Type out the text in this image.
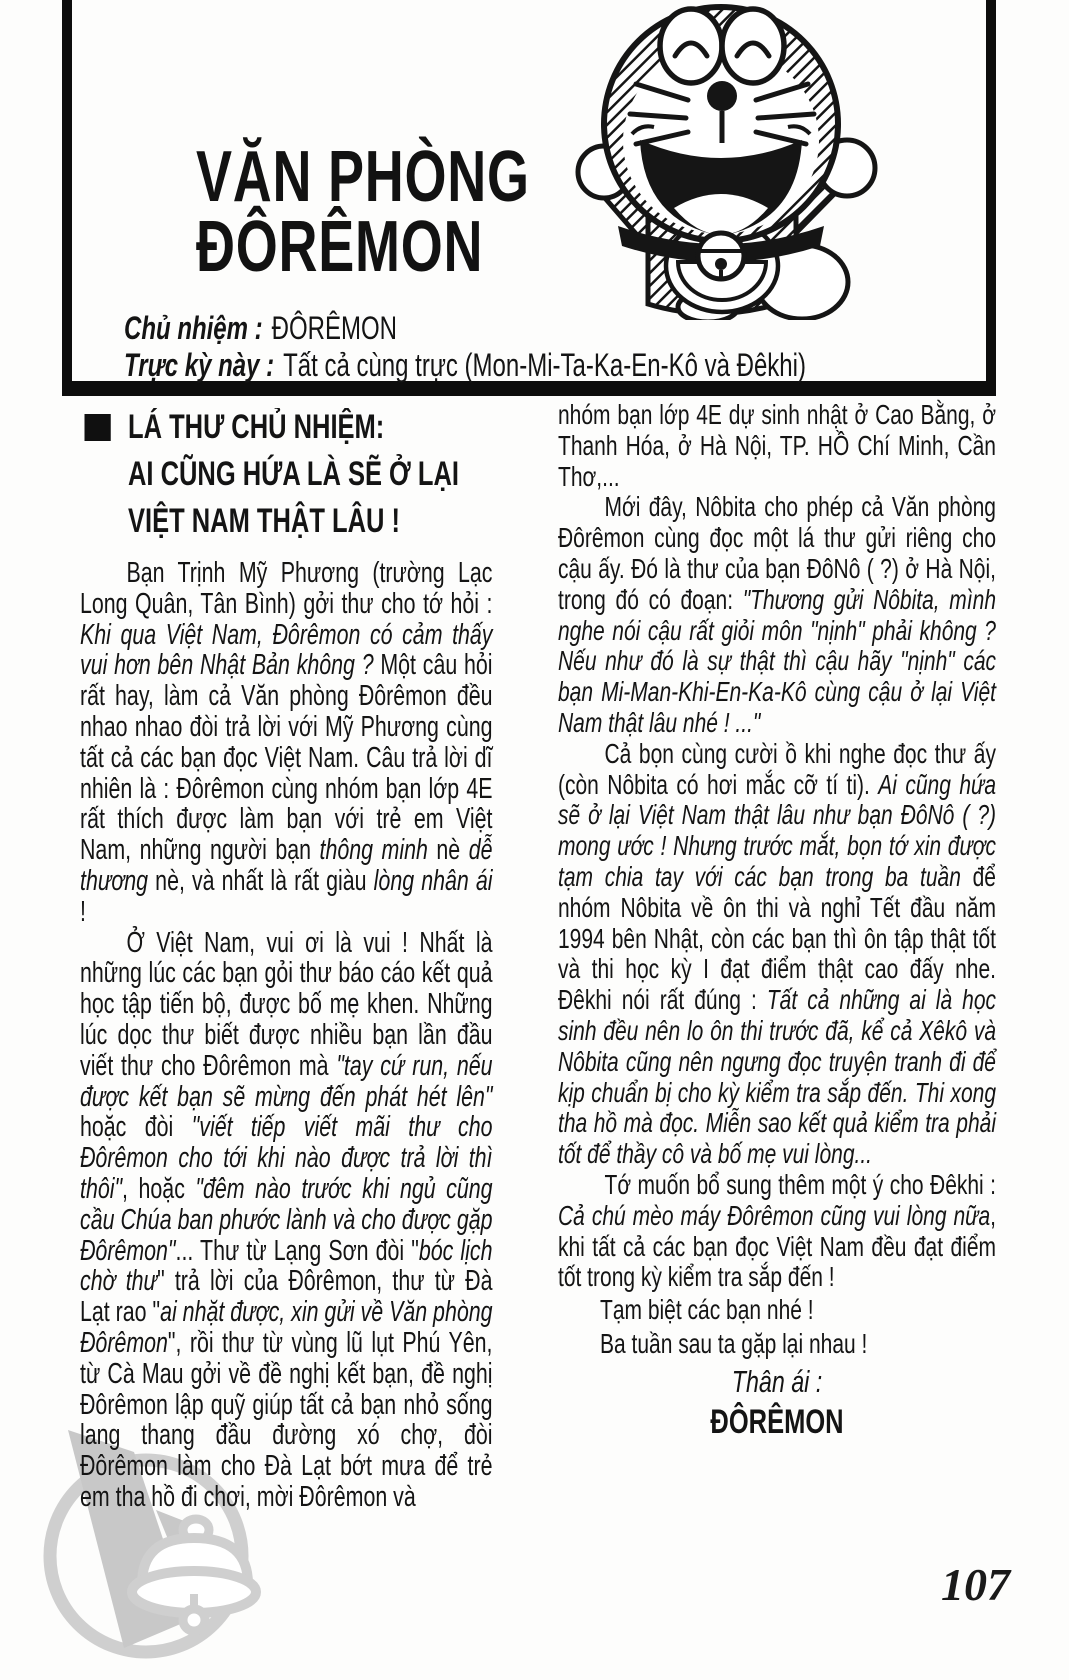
VĂN PHÒNG
ĐÔRÊMON
Chủ nhiệm : ĐÔRÊMON
Trực kỳ này : Tất cả cùng trực (Mon-Mi-Ta-Ka-En-Kô và Đêkhi)
LÁ THƯ CHỦ NHIỆM:
AI CŨNG HỨA LÀ SẼ Ở LẠI
VIỆT NAM THẬT LÂU !

Bạn Trịnh Mỹ Phương (trường Lạc Long Quân, Tân Bình) gởi thư cho tớ hỏi : Khi qua Việt Nam, Đôrêmon có cảm thấy vui hơn bên Nhật Bản không ? Một câu hỏi rất hay, làm cả Văn phòng Đôrêmon đều nhao nhao đòi trả lời với Mỹ Phương cùng tất cả các bạn đọc Việt Nam. Câu trả lời dĩ nhiên là : Đôrêmon cùng nhóm bạn lớp 4E rất thích được làm bạn với trẻ em Việt Nam, những người bạn thông minh nè dễ thương nè, và nhất là rất giàu lòng nhân ái !

Ở Việt Nam, vui ơi là vui ! Nhất là những lúc các bạn gỏi thư báo cáo kết quả học tập tiến bộ, được bố mẹ khen. Những lúc dọc thư biết được nhiều bạn lần đầu viết thư cho Đôrêmon mà "tay cứ run, nếu được kết bạn sẽ mừng đến phát hét lên" hoặc đòi "viết tiếp viết mãi thư cho Đôrêmon cho tới khi nào được trả lời thì thôi", hoặc "đêm nào trước khi ngủ cũng cầu Chúa ban phước lành và cho được gặp Đôrêmon"... Thư từ Lạng Sơn đòi "bóc lịch chờ thư" trả lời của Đôrêmon, thư từ Đà Lạt rao "ai nhặt được, xin gửi về Văn phòng Đôrêmon", rồi thư từ vùng lũ lụt Phú Yên, từ Cà Mau gởi về đề nghị kết bạn, đề nghị Đôrêmon lập quỹ giúp tất cả bạn nhỏ sống lang thang đầu đường xó chợ, đòi Đôrêmon làm cho Đà Lạt bớt mưa để trẻ em tha hồ đi chơi, mời Đôrêmon và

nhóm bạn lớp 4E dự sinh nhật ở Cao Bằng, ở Thanh Hóa, ở Hà Nội, TP. HỒ Chí Minh, Cần Thơ,...

Mới đây, Nôbita cho phép cả Văn phòng Đôrêmon cùng đọc một lá thư gửi riêng cho cậu ấy. Đó là thư của bạn ĐôNô ( ?) ở Hà Nội, trong đó có đoạn: "Thương gửi Nôbita, mình nghe nói cậu rất giỏi môn "nịnh" phải không ? Nếu như đó là sự thật thì cậu hãy "nịnh" các bạn Mi-Man-Khi-En-Ka-Kô cùng cậu ở lại Việt Nam thật lâu nhé ! ..."

Cả bọn cùng cười ồ khi nghe đọc thư ấy (còn Nôbita có hơi mắc cỡ tí ti). Ai cũng hứa sẽ ở lại Việt Nam thật lâu như bạn ĐôNô ( ?) mong ước ! Nhưng trước mắt, bọn tớ xin được tạm chia tay với các bạn trong ba tuần để nhóm Nôbita về ôn thi và nghỉ Tết đầu năm 1994 bên Nhật, còn các bạn thì ôn tập thật tốt và thi học kỳ I đạt điểm thật cao đấy nhe. Đêkhi nói rất đúng : Tất cả những ai là học sinh đều nên lo ôn thi trước đã, kể cả Xêkô và Nôbita cũng nên ngưng đọc truyện tranh đi để kịp chuẩn bị cho kỳ kiểm tra sắp đến. Thi xong tha hồ mà đọc. Miễn sao kết quả kiểm tra phải tốt để thầy cô và bố mẹ vui lòng...

Tớ muốn bổ sung thêm một ý cho Đêkhi : Cả chú mèo máy Đôrêmon cũng vui lòng nữa, khi tất cả các bạn đọc Việt Nam đều đạt điểm tốt trong kỳ kiểm tra sắp đến !

Tạm biệt các bạn nhé !

Ba tuần sau ta gặp lại nhau !

Thân ái :

ĐÔRÊMON

107
